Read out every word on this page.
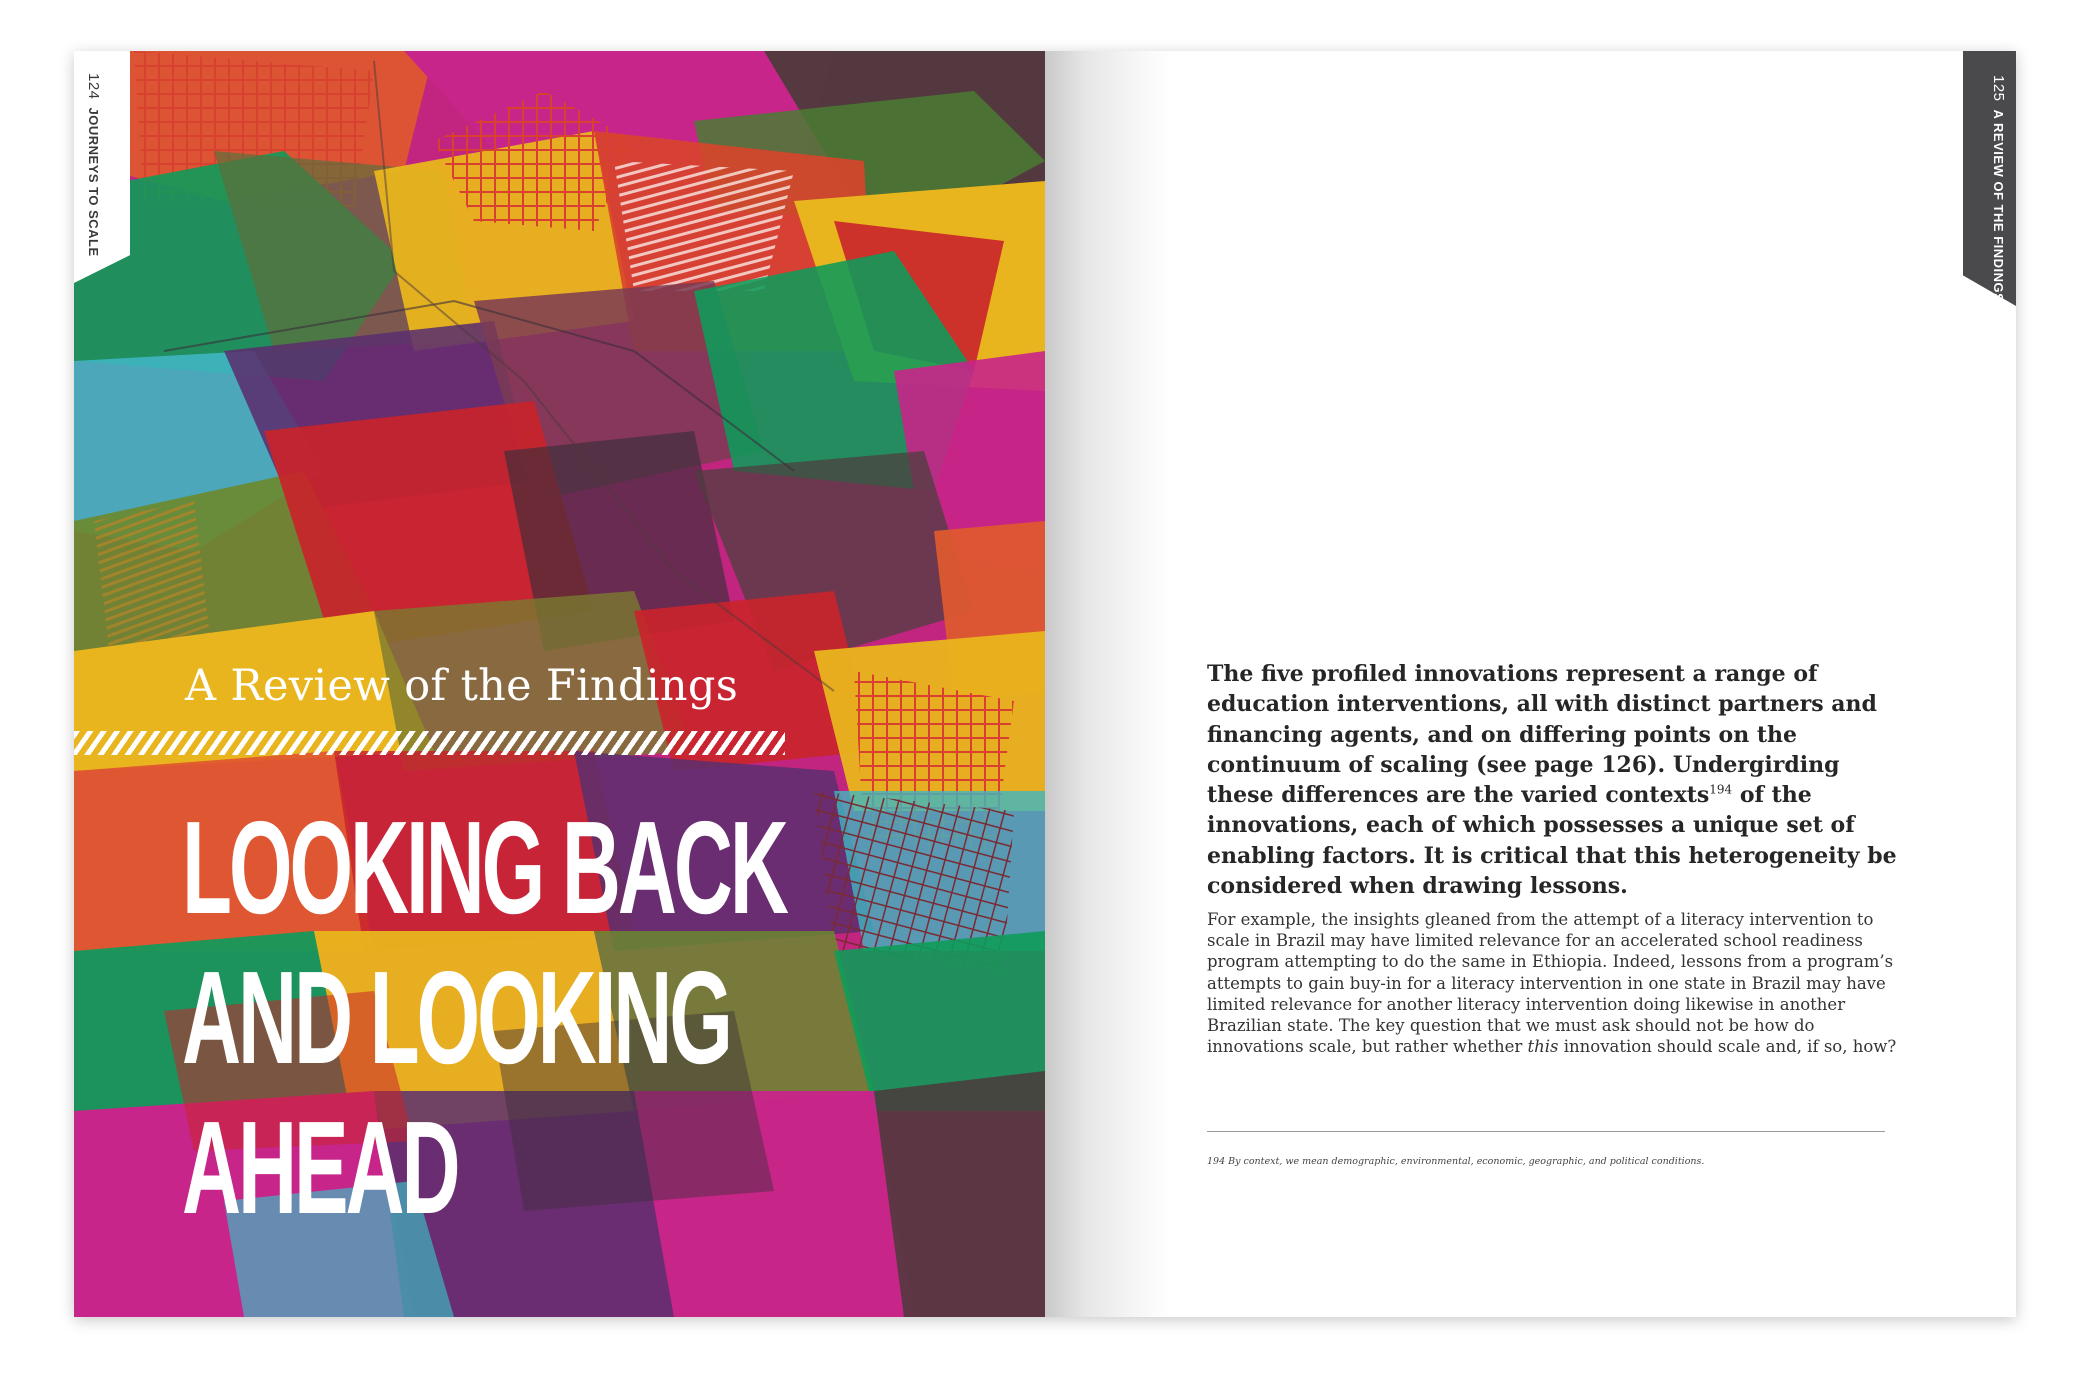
124JOURNEYS TO SCALE
A Review of the Findings
LOOKING BACK
AND LOOKING
AHEAD
125A REVIEW OF THE FINDINGS
The five profiled innovations represent a range of education interventions, all with distinct partners and financing agents, and on differing points on the continuum of scaling (see page 126). Undergirding these differences are the varied contexts$^{194}$ of the innovations, each of which possesses a unique set of enabling factors. It is critical that this heterogeneity be considered when drawing lessons.
For example, the insights gleaned from the attempt of a literacy intervention to scale in Brazil may have limited relevance for an accelerated school readiness program attempting to do the same in Ethiopia. Indeed, lessons from a program’s attempts to gain buy-in for a literacy intervention in one state in Brazil may have limited relevance for another literacy intervention doing likewise in another Brazilian state. The key question that we must ask should not be how do innovations scale, but rather whether this innovation should scale and, if so, how?
194 By context, we mean demographic, environmental, economic, geographic, and political conditions.
